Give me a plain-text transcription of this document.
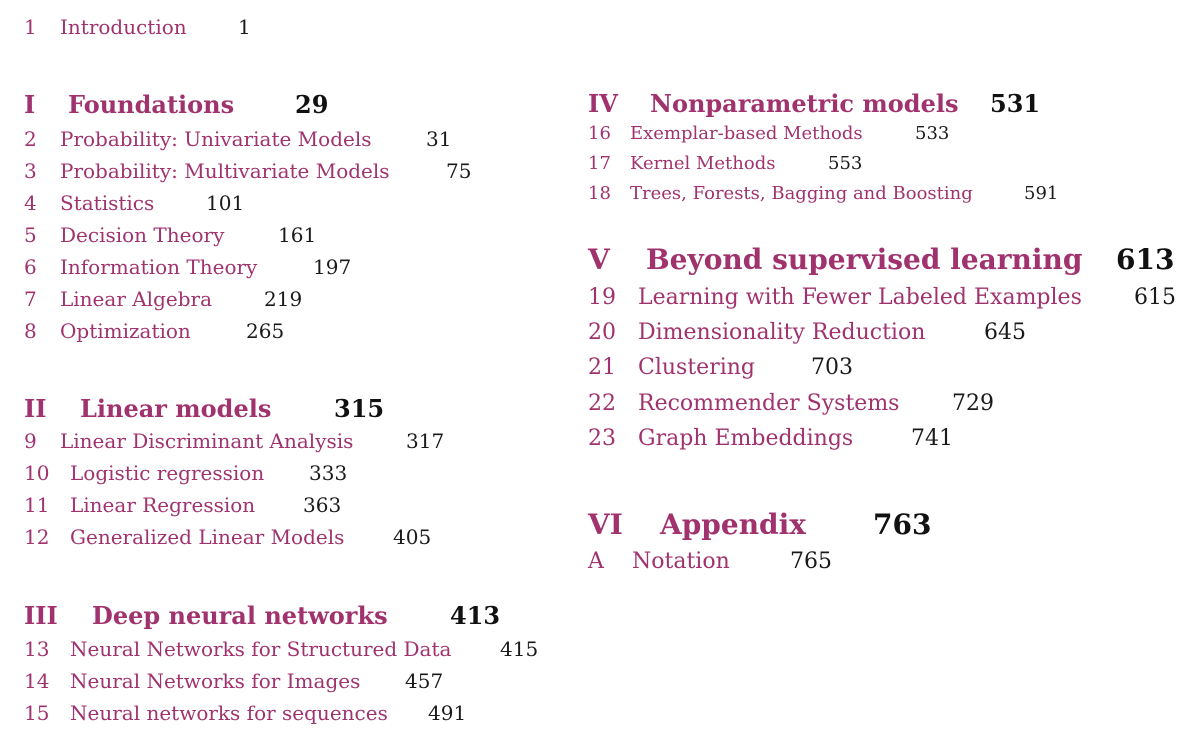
1 Introduction	1
I Foundations	29
2 Probability: Univariate Models	31
3 Probability: Multivariate Models	75
4 Statistics	101
5 Decision Theory	161
6 Information Theory	197
7 Linear Algebra	219
8 Optimization	265
II Linear models	315
9 Linear Discriminant Analysis	317
10 Logistic regression 333
11 Linear Regression 363
12 Generalized Linear Models 405
III Deep neural networks	413
13 Neural Networks for Structured Data 415
14 Neural Networks for Images 457
15 Neural networks for sequences 491
IV Nonparametric models 531
16 Exemplar-based Methods	533
17 Kernel Methods	553
18 Trees, Forests, Bagging and Boosting	591
V Beyond supervised learning 613
19 Learning with Fewer Labeled Examples 615
20 Dimensionality Reduction	645
21 Clustering	703
22 Recommender Systems 729
23 Graph Embeddings	741
VI Appendix 763
A Notation	765
